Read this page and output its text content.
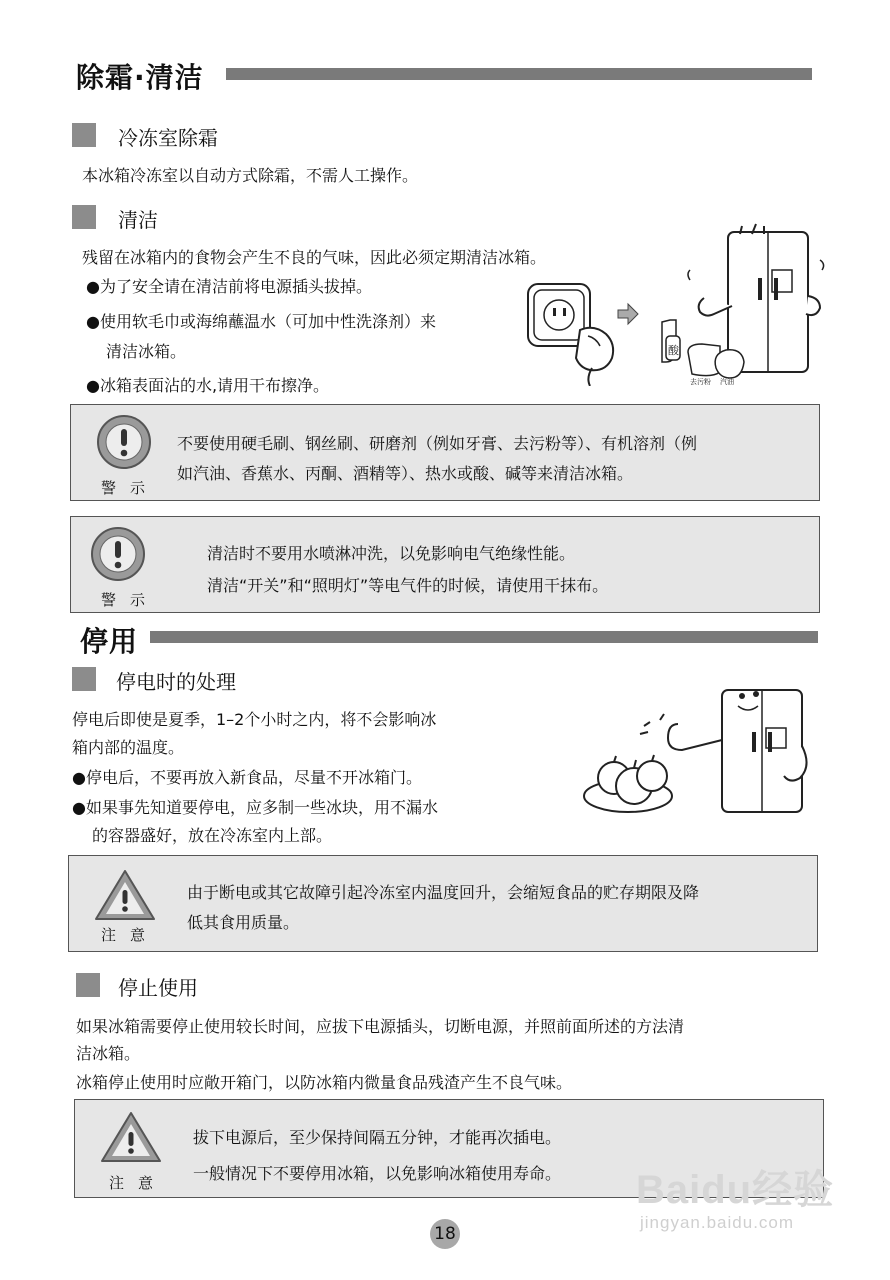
除霜·清洁
冷冻室除霜
本冰箱冷冻室以自动方式除霜，不需人工操作。
清洁
残留在冰箱内的食物会产生不良的气味，因此必须定期清洁冰箱。
●为了安全请在清洁前将电源插头拔掉。
●使用软毛巾或海绵蘸温水（可加中性洗涤剂）来
清洁冰箱。
●冰箱表面沾的水,请用干布擦净。
酸
去污粉 汽油
警示
不要使用硬毛刷、钢丝刷、研磨剂（例如牙膏、去污粉等）、有机溶剂（例
如汽油、香蕉水、丙酮、酒精等）、热水或酸、碱等来清洁冰箱。
警示
清洁时不要用水喷淋冲洗，以免影响电气绝缘性能。
清洁“开关”和“照明灯”等电气件的时候，请使用干抹布。
停用
停电时的处理
停电后即使是夏季，1–2个小时之内，将不会影响冰
箱内部的温度。
●停电后，不要再放入新食品，尽量不开冰箱门。
●如果事先知道要停电，应多制一些冰块，用不漏水
的容器盛好，放在冷冻室内上部。
注意
由于断电或其它故障引起冷冻室内温度回升，会缩短食品的贮存期限及降
低其食用质量。
停止使用
如果冰箱需要停止使用较长时间，应拔下电源插头，切断电源，并照前面所述的方法清
洁冰箱。
冰箱停止使用时应敞开箱门，以防冰箱内微量食品残渣产生不良气味。
注意
拔下电源后，至少保持间隔五分钟，才能再次插电。
一般情况下不要停用冰箱，以免影响冰箱使用寿命。 Baidu经验
jingyan.baidu.com
18
